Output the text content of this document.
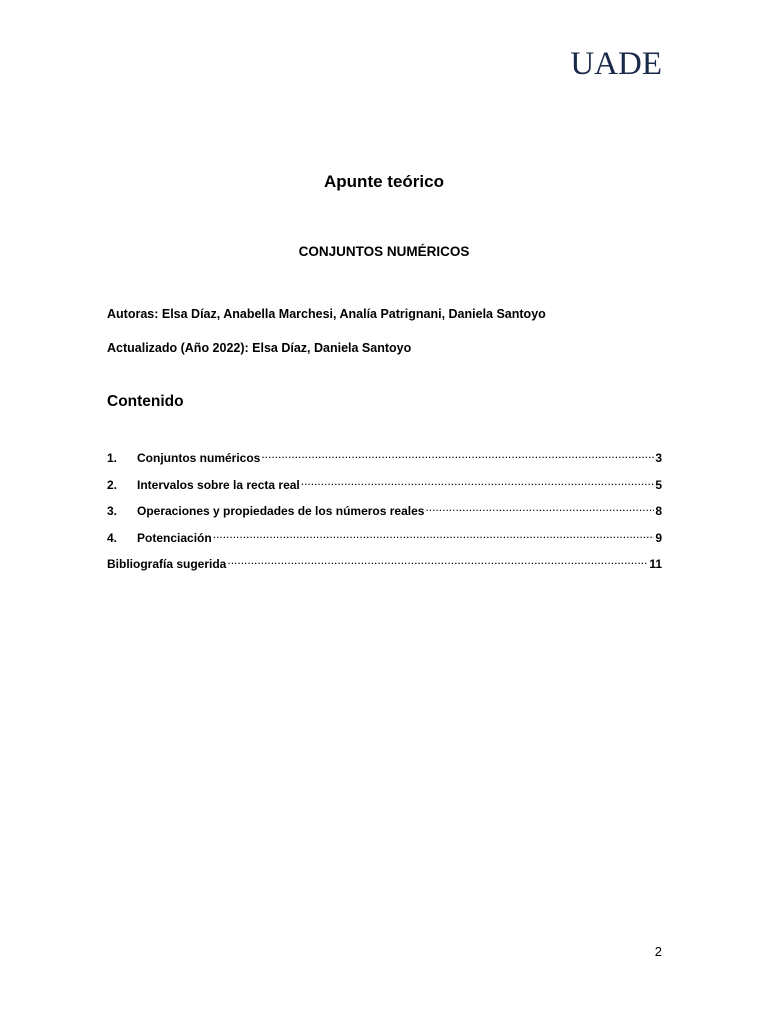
UADE
Apunte teórico
CONJUNTOS NUMÉRICOS
Autoras: Elsa Díaz, Anabella Marchesi, Analía Patrignani, Daniela Santoyo
Actualizado (Año 2022): Elsa Díaz, Daniela Santoyo
Contenido
1.	Conjuntos numéricos .....	3
2.	Intervalos sobre la recta real .....	5
3.	Operaciones y propiedades de los números reales .....	8
4.	Potenciación .....	9
Bibliografía sugerida .....	11
2
